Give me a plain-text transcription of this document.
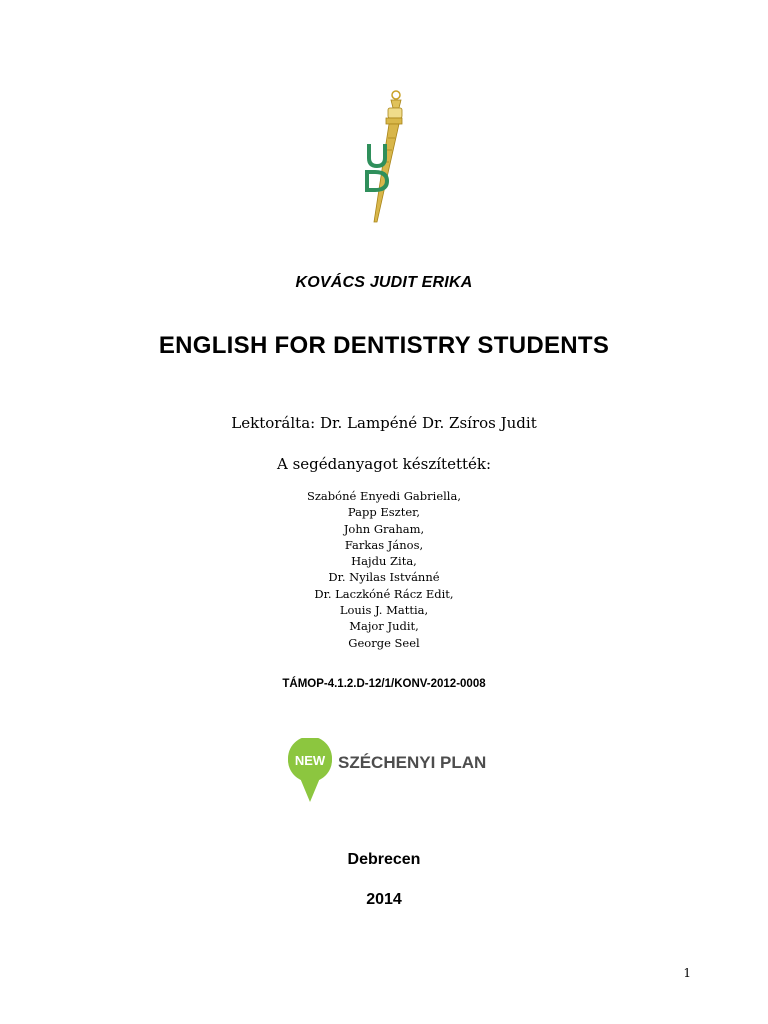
KOVÁCS JUDIT ERIKA
ENGLISH FOR DENTISTRY STUDENTS
Lektorálta: Dr. Lampéné Dr. Zsíros Judit
A segédanyagot készítették:
Szabóné Enyedi Gabriella,
Papp Eszter,
John Graham,
Farkas János,
Hajdu Zita,
Dr. Nyilas Istvánné
Dr. Laczkóné Rácz Edit,
Louis J. Mattia,
Major Judit,
George Seel
TÁMOP-4.1.2.D-12/1/KONV-2012-0008
NEW SZÉCHENYI PLAN
Debrecen
2014
1
